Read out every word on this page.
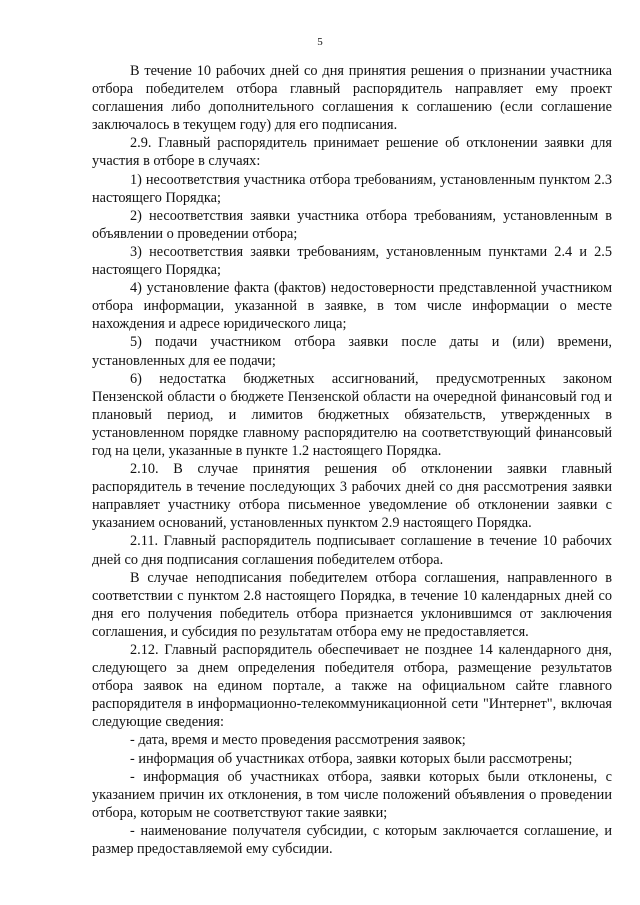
5

В течение 10 рабочих дней со дня принятия решения о признании участника отбора победителем отбора главный распорядитель направляет ему проект соглашения либо дополнительного соглашения к соглашению (если соглашение заключалось в текущем году) для его подписания.

2.9. Главный распорядитель принимает решение об отклонении заявки для участия в отборе в случаях:

1) несоответствия участника отбора требованиям, установленным пунктом 2.3 настоящего Порядка;

2) несоответствия заявки участника отбора требованиям, установленным в объявлении о проведении отбора;

3) несоответствия заявки требованиям, установленным пунктами 2.4 и 2.5 настоящего Порядка;

4) установление факта (фактов) недостоверности представленной участником отбора информации, указанной в заявке, в том числе информации о месте нахождения и адресе юридического лица;

5) подачи участником отбора заявки после даты и (или) времени, установленных для ее подачи;

6) недостатка бюджетных ассигнований, предусмотренных законом Пензенской области о бюджете Пензенской области на очередной финансовый год и плановый период, и лимитов бюджетных обязательств, утвержденных в установленном порядке главному распорядителю на соответствующий финансовый год на цели, указанные в пункте 1.2 настоящего Порядка.

2.10. В случае принятия решения об отклонении заявки главный распорядитель в течение последующих 3 рабочих дней со дня рассмотрения заявки направляет участнику отбора письменное уведомление об отклонении заявки с указанием оснований, установленных пунктом 2.9 настоящего Порядка.

2.11. Главный распорядитель подписывает соглашение в течение 10 рабочих дней со дня подписания соглашения победителем отбора.

В случае неподписания победителем отбора соглашения, направленного в соответствии с пунктом 2.8 настоящего Порядка, в течение 10 календарных дней со дня его получения победитель отбора признается уклонившимся от заключения соглашения, и субсидия по результатам отбора ему не предоставляется.

2.12. Главный распорядитель обеспечивает не позднее 14 календарного дня, следующего за днем определения победителя отбора, размещение результатов отбора заявок на едином портале, а также на официальном сайте главного распорядителя в информационно-телекоммуникационной сети "Интернет", включая следующие сведения:

- дата, время и место проведения рассмотрения заявок;

- информация об участниках отбора, заявки которых были рассмотрены;

- информация об участниках отбора, заявки которых были отклонены, с указанием причин их отклонения, в том числе положений объявления о проведении отбора, которым не соответствуют такие заявки;

- наименование получателя субсидии, с которым заключается соглашение, и размер предоставляемой ему субсидии.
